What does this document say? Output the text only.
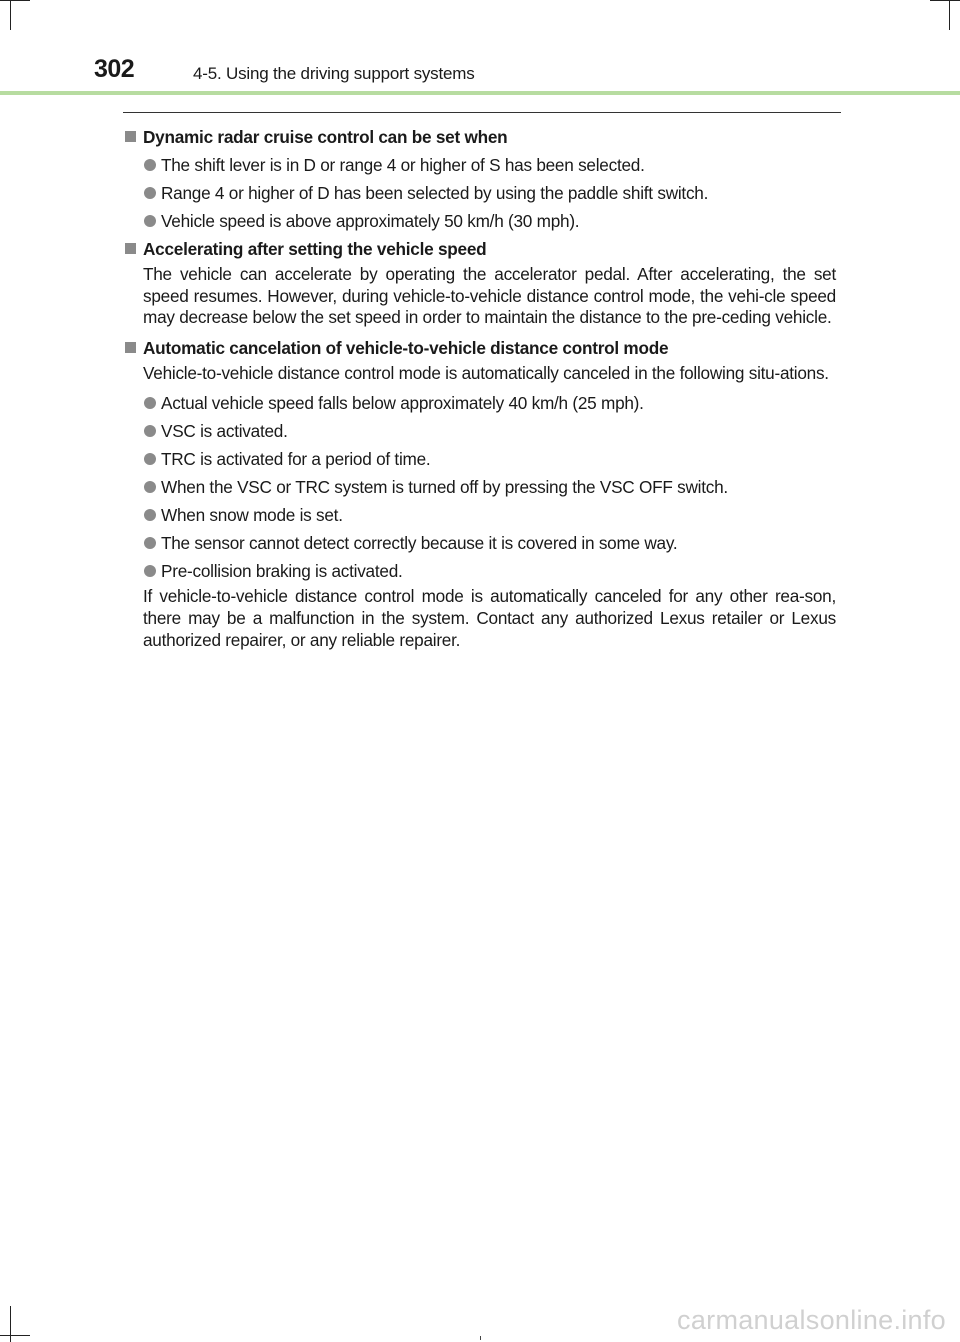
302	4-5. Using the driving support systems
Dynamic radar cruise control can be set when
The shift lever is in D or range 4 or higher of S has been selected.
Range 4 or higher of D has been selected by using the paddle shift switch.
Vehicle speed is above approximately 50 km/h (30 mph).
Accelerating after setting the vehicle speed
The vehicle can accelerate by operating the accelerator pedal. After accelerating, the set speed resumes. However, during vehicle-to-vehicle distance control mode, the vehi-cle speed may decrease below the set speed in order to maintain the distance to the pre-ceding vehicle.
Automatic cancelation of vehicle-to-vehicle distance control mode
Vehicle-to-vehicle distance control mode is automatically canceled in the following situ-ations.
Actual vehicle speed falls below approximately 40 km/h (25 mph).
VSC is activated.
TRC is activated for a period of time.
When the VSC or TRC system is turned off by pressing the VSC OFF switch.
When snow mode is set.
The sensor cannot detect correctly because it is covered in some way.
Pre-collision braking is activated.
If vehicle-to-vehicle distance control mode is automatically canceled for any other rea-son, there may be a malfunction in the system. Contact any authorized Lexus retailer or Lexus authorized repairer, or any reliable repairer.
carmanualsonline.info
